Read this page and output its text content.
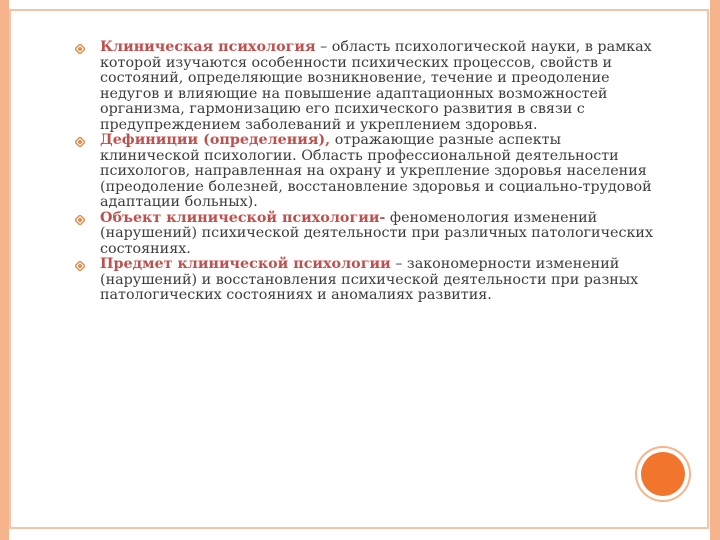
Клиническая психология – область психологической науки, в рамках которой изучаются особенности психических процессов, свойств и состояний, определяющие возникновение, течение и преодоление недугов и влияющие на повышение адаптационных возможностей организма, гармонизацию его психического развития в связи с предупреждением заболеваний и укреплением здоровья.
Дефиниции (определения), отражающие разные аспекты клинической психологии. Область профессиональной деятельности психологов, направленная на охрану и укрепление здоровья населения (преодоление болезней, восстановление здоровья и социально-трудовой адаптации больных).
Объект клинической психологии- феноменология изменений (нарушений) психической деятельности при различных патологических состояниях.
Предмет клинической психологии – закономерности изменений (нарушений) и восстановления психической деятельности при разных патологических состояниях и аномалиях развития.
